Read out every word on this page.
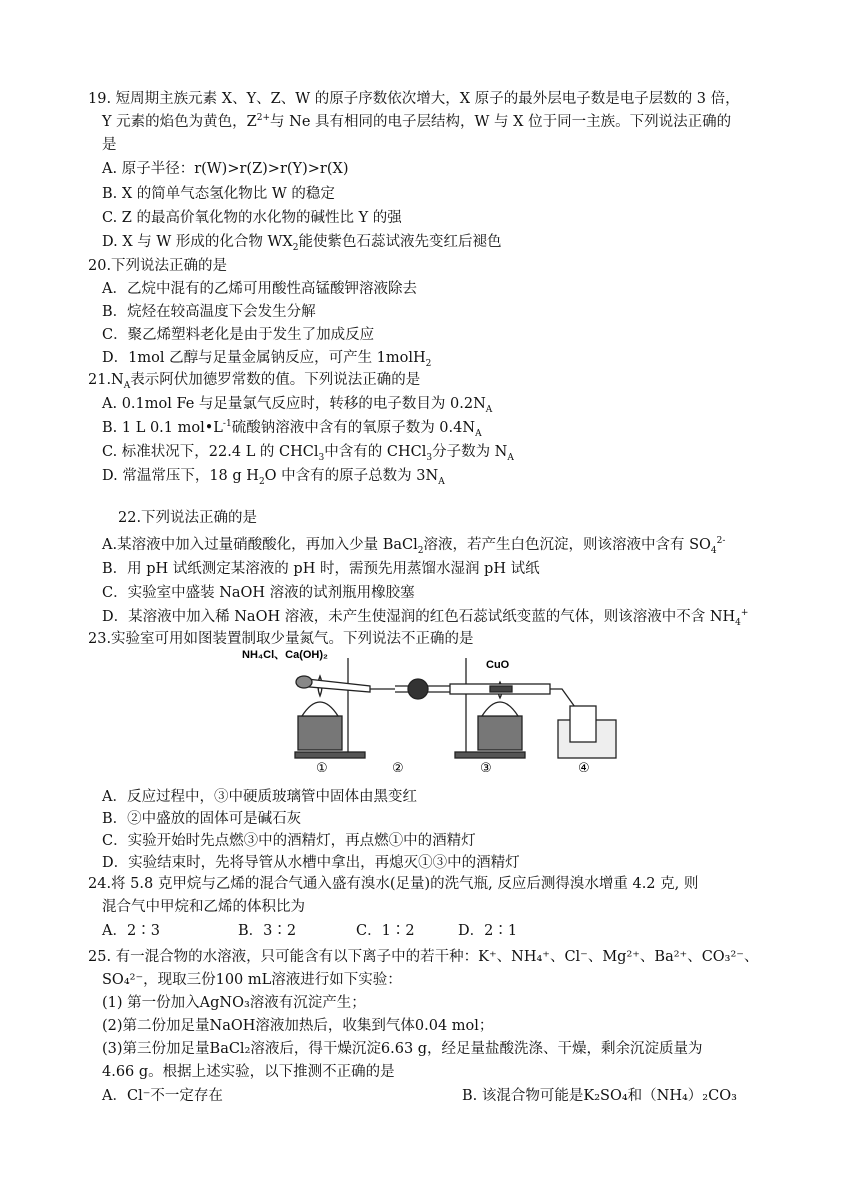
19. 短周期主族元素 X、Y、Z、W 的原子序数依次增大，X 原子的最外层电子数是电子层数的 3 倍，
Y 元素的焰色为黄色，$Z^{2+}$与 Ne 具有相同的电子层结构，W 与 X 位于同一主族。下列说法正确的
是
A. 原子半径：r(W)>r(Z)>r(Y)>r(X)
B. X 的简单气态氢化物比 W 的稳定
C. Z 的最高价氧化物的水化物的碱性比 Y 的强
D. X 与 W 形成的化合物 $WX_2$能使紫色石蕊试液先变红后褪色
20.下列说法正确的是
A．乙烷中混有的乙烯可用酸性高锰酸钾溶液除去
B．烷烃在较高温度下会发生分解
C．聚乙烯塑料老化是由于发生了加成反应
D．1mol 乙醇与足量金属钠反应，可产生 1molH$_2$
$21.N_A$表示阿伏加德罗常数的值。下列说法正确的是
A. 0.1mol Fe 与足量氯气反应时，转移的电子数目为 $0.2N_A$
B. 1 L 0.1 $mol•L^{-1}$硫酸钠溶液中含有的氧原子数为 $0.4N_A$
C. 标准状况下，22.4 L 的 CHCl$_3$中含有的 CHCl$_3$分子数为 $N_A$
D. 常温常压下，18 g $H_2O$ 中含有的原子总数为 $3N_A$
22.下列说法正确的是
A.某溶液中加入过量硝酸酸化，再加入少量 BaCl$_2$溶液，若产生白色沉淀，则该溶液中含有 $SO_4^{2-}$
B．用 pH 试纸测定某溶液的 pH 时，需预先用蒸馏水湿润 pH 试纸
C．实验室中盛装 NaOH 溶液的试剂瓶用橡胶塞
D．某溶液中加入稀 NaOH 溶液，未产生使湿润的红色石蕊试纸变蓝的气体，则该溶液中不含 $NH_4^+$
23.实验室可用如图装置制取少量氮气。下列说法不正确的是
NH₄Cl、Ca(OH)₂
CuO
①	②	③	④
A．反应过程中，③中硬质玻璃管中固体由黑变红
B．②中盛放的固体可是碱石灰
C．实验开始时先点燃③中的酒精灯，再点燃①中的酒精灯
D．实验结束时，先将导管从水槽中拿出，再熄灭①③中的酒精灯
24.将 5.8 克甲烷与乙烯的混合气通入盛有溴水(足量)的洗气瓶, 反应后测得溴水增重 4.2 克, 则
混合气中甲烷和乙烯的体积比为
A．2∶3	B．3∶2	C．1∶2	D．2∶1
25. 有一混合物的水溶液，只可能含有以下离子中的若干种：K⁺、NH₄⁺、Cl⁻、Mg²⁺、Ba²⁺、CO₃²⁻、
SO₄²⁻，现取三份100 mL溶液进行如下实验：
(1) 第一份加入AgNO₃溶液有沉淀产生；
(2)第二份加足量NaOH溶液加热后，收集到气体0.04 mol；
(3)第三份加足量BaCl₂溶液后，得干燥沉淀6.63 g，经足量盐酸洗涤、干燥，剩余沉淀质量为
4.66 g。根据上述实验，以下推测不正确的是
A．Cl⁻不一定存在	B. 该混合物可能是K₂SO₄和（NH₄）₂CO₃
